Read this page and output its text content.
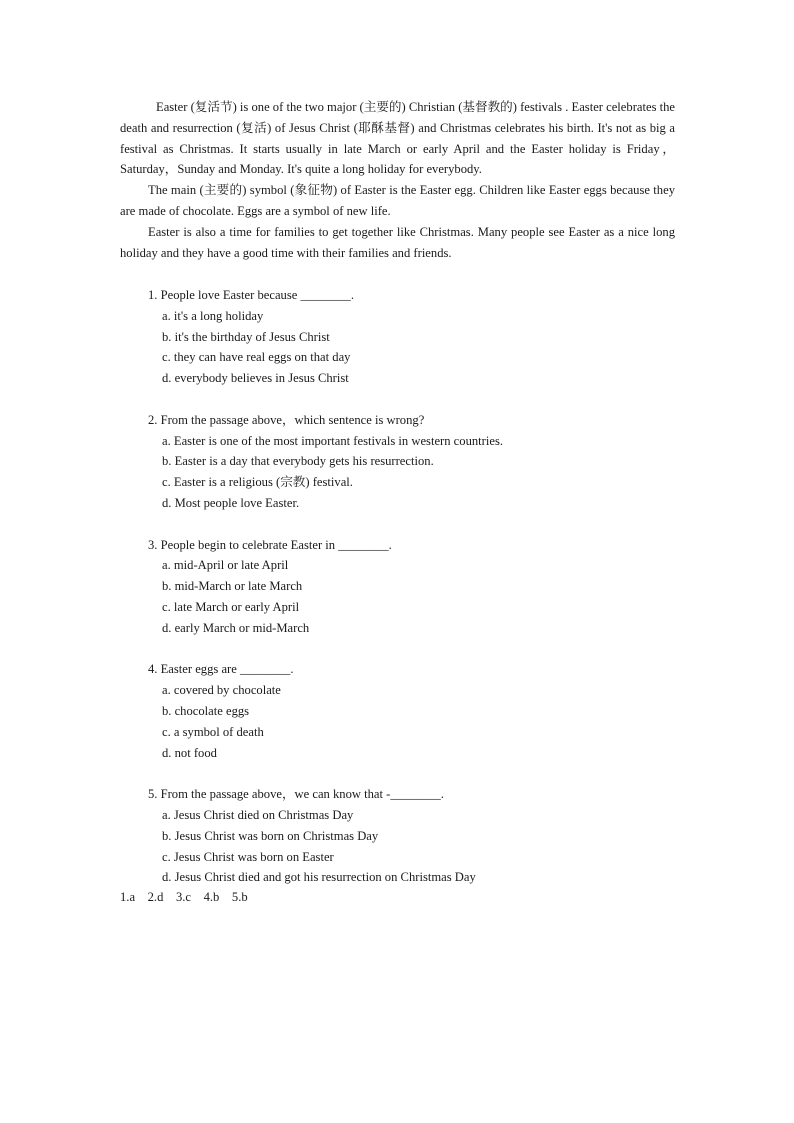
Easter (复活节) is one of the two major (主要的) Christian (基督教的) festivals . Easter celebrates the death and resurrection (复活) of Jesus Christ (耶酥基督) and Christmas celebrates his birth. It's not as big a festival as Christmas. It starts usually in late March or early April and the Easter holiday is Friday，Saturday，Sunday and Monday. It's quite a long holiday for everybody.

The main (主要的) symbol (象征物) of Easter is the Easter egg. Children like Easter eggs because they are made of chocolate. Eggs are a symbol of new life.

Easter is also a time for families to get together like Christmas. Many people see Easter as a nice long holiday and they have a good time with their families and friends.

1. People love Easter because ________.

a. it's a long holiday
b. it's the birthday of Jesus Christ
c. they can have real eggs on that day
d. everybody believes in Jesus Christ

2. From the passage above，which sentence is wrong?

a. Easter is one of the most important festivals in western countries.
b. Easter is a day that everybody gets his resurrection.
c. Easter is a religious (宗教) festival.
d. Most people love Easter.

3. People begin to celebrate Easter in ________.

a. mid-April or late April
b. mid-March or late March
c. late March or early April
d. early March or mid-March

4. Easter eggs are ________.

a. covered by chocolate
b. chocolate eggs
c. a symbol of death
d. not food

5. From the passage above，we can know that -________.

a. Jesus Christ died on Christmas Day
b. Jesus Christ was born on Christmas Day
c. Jesus Christ was born on Easter
d. Jesus Christ died and got his resurrection on Christmas Day
1.a    2.d    3.c    4.b    5.b
